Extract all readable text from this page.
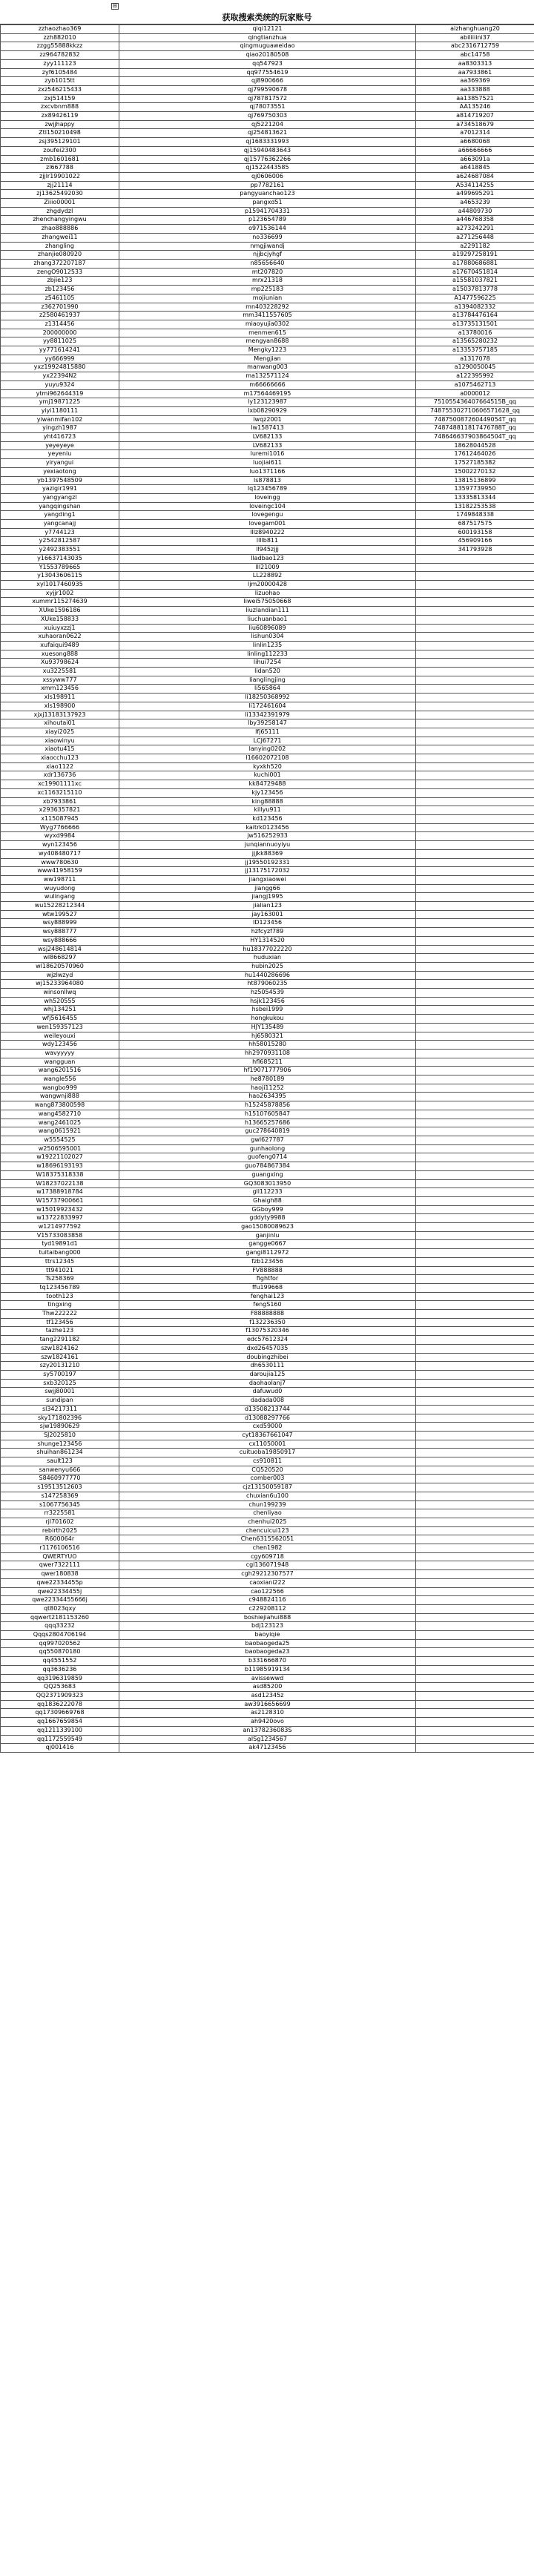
⊟
获取搜索类统的玩家账号
zzhaozhao369	qiqi12121	aizhanghuang20
zzh882010	qingtianzhua	abiliiiini37
zzgg55888kkzz	qingmuguaweidao	abc2316712759
zz964782832	qiao20180508	abc14758
zyy111123	qq547923	aa8303313
zyf6105484	qq977554619	aa7933861
zyb1015tt	qj8900666	aa369369
zxz546215433	qj799590678	aa333888
zxj514159	qj787817572	aa13857521
zxcvbnm888	qj78073551	AA135246
zx89426119	qj769750303	a814719207
zwjjhappy	qj5221204	a734518679
Ztl150210498	qj254813621	a7012314
zsj395129101	qj1683331993	a6680068
zoufei2300	qj15940483643	a66666666
zmb1601681	qj15776362266	a663091a
zl667788	qj1522443585	a6418845
zjjlr19901022	qj0606006	a624687084
zjj21114	pp7782161	A534114255
zj13625492030	pangyuanchao123	a499695291
Ziiio00001	pangxd51	a4653239
zhgdydzl	p15941704331	a44809730
zhenchangyingwu	p123654789	a446768358
zhao888886	o971536144	a273242291
zhangwei11	no336699	a271256448
zhangling	nmgjiwandj	a2291182
zhanjie080920	njjbcjyhgf	a19297258191
zhang372207187	n85656640	a17880686881
zengO9012533	mt207820	a17670451814
zbjie123	mrx21318	a15581037821
zb123456	mp225183	a15037813778
z5461105	mojiunian	A1477596225
z362701990	mn403228292	a1394082332
z2580461937	mm3411557605	a13784476164
z1314456	miaoyujia0302	a13735131501
200000000	menmen615	a13780016
yy8811025	mengyan8688	a13565280232
yy771614241	Mengky1223	a13353757185
yy666999	Mengjian	a1317078
yxz19924815880	manwang003	a1290050045
yx22394N2	ma132571124	a122395992
yuyu9324	m66666666	a1075462713
ytmi962644319	m17564469195	a0000012
ymj19871225	ly123123987	751055436407664515B_qq
yiyi1180111	lxb08290929	748755302710606571628_qq
yiwanmifan102	lwqz2001	748750087260449054T_qq
yingzh1987	lw1587413	748748811817476788T_qq
yht416723	LV682133	748646637903864504T_qq
yeyeyeye	LV682133	18628044528
yeyeniu	luremi1016	17612464026
yiryangui	luojiai611	17527185382
yexiaotong	luo1371166	15002270132
yb1397548509	ls878813	13815136899
yazigir1991	lq123456789	13597739950
yangyangzl	loveingg	13335813344
yangqingshan	loveingc104	13182253538
yangding1	lovegengu	1749848338
yangcanajj	lovegam001	687517575
y7744123	lllz8940222	600193158
y2542812587	llllb811	456909166
y2492383551	ll945zjjj	341793928
y16637143035	lladbao123	
Y1553789665	lll21009	
y13043606115	LL228892	
xyl1017460935	ljm20000428	
xyjjr1002	lizuohao	
xummr115274639	liwei575050668	
XUke1596186	liuzlandian111	
XUke158833	liuchuanbao1	
xuiuyxzzj1	liu60896089	
xuhaoran0622	lishun0304	
xufaiqui9489	linlin1235	
xuesong888	linling112233	
Xu93798624	lihui7254	
xu3225581	lidan520	
xssyww777	lianglingjing	
xmm123456	li565864	
xls198911	li18250368992	
xls198900	li172461604	
xjxj13183137923	li13342391979	
xihoutai01	lby39258147	
xiayi2025	lfj65111	
xiaowinyu	LCJ67271	
xiaotu415	lanying0202	
xiaocchu123	l16602072108	
xiao1122	kyxkh520	
xdr136736	kuchi001	
xc19901111xc	kk84729488	
xc1163215110	kjy123456	
xb7933861	king88888	
x2936357821	killyu911	
x115087945	kd123456	
Wyg7766666	kaitrk0123456	
wyxd9984	jw516252933	
wyn123456	junqiannuoyiyu	
wy408480717	jjjkk88369	
www780630	jj19550192331	
www41958159	jj13175172032	
ww198711	jiangxiaowei	
wuyudong	jiangg66	
wulingang	jiangj1995	
wu15228212344	jialian123	
wtw199527	jay163001	
wsy888999	ID123456	
wsy888777	hzfcyzf789	
wsy888666	HY1314520	
wsj248614814	hu18377022220	
wl8668297	huduxian	
wl18620570960	hubin2025	
wjzlwzyd	hu1440286696	
wj15233964080	ht879060235	
winsonllwq	hz5054539	
wh520555	hsjk123456	
whj134251	hsbei1999	
wfj5616455	hongkukou	
wen159357123	HJY135489	
weileyouxi	hj6580321	
wdy123456	hh58015280	
wavyyyyy	hh2970931108	
wangguan	hfl685211	
wang6201516	hf19071777906	
wangle556	he8780189	
wangbo999	haoji11252	
wangwnji888	hao2634395	
wang873800598	h15245878856	
wang4582710	h15107605847	
wang2461025	h13665257686	
wang0615921	guc278640819	
w5554525	gwl627787	
w2506595001	gunhaolong	
w19221102027	guofeng0714	
w18696193193	guo784867384	
W18375318338	guangxing	
W18237022138	GQ3083013950	
w17388918784	gll112233	
W15737900661	Ghaigh88	
w15019923432	GGboy999	
w13722833997	gddyty9988	
w1214977592	gao15080089623	
V15733083858	ganjinlu	
tyd19891d1	gangge0667	
tuitaibang000	gangi8112972	
ttrs12345	fzb123456	
tt941021	FV888888	
Ts258369	fightfor	
tq123456789	ffu199668	
tooth123	fenghai123	
tingxing	fengS160	
Thw222222	F88888888	
tf123456	f132236350	
tazhe123	f13075320346	
tang2291182	edc57612324	
szw1824162	dxd26457035	
szw1824161	doubingzhibei	
szy20131210	dh6530111	
sy5700197	daroujia125	
sxb320125	daohaolanj7	
swjj80001	dafuwud0	
sundipan	dadada008	
sl34217311	d13508213744	
sky171802396	d13088297766	
sjw19890629	cxd59000	
SJ2025810	cyt18367661047	
shunge123456	cx11050001	
shuihan861234	cuituoba19850917	
sault123	cs910811	
sanwenyu666	CQ520520	
S8460977770	comber003	
s19513512603	cjz13150059187	
s147258369	chuxian6u100	
s1067756345	chun199239	
rr3225581	chenliyao	
rjl701602	chenhui2025	
rebirth2025	chencuicui123	
R600064r	Chen6315562051	
r1176106516	chen1982	
QWERTYUO	cgy609718	
qwer7322111	cgl136071948	
qwer180838	cgh29212307577	
qwe22334455p	caoxiani222	
qwe22334455j	cao122566	
qwe22334455666j	c948824116	
qt8023qxy	c229208112	
qqwert2181153260	boshiejiahui888	
qqq33232	bdj123123	
Qqqs2804706194	baoyiqie	
qq997020562	baobaogeda25	
qq550870180	baobaogeda23	
qq4551552	b331666870	
qq3636236	b11985919134	
qq3196319859	avissewwd	
QQ253683	asd85200	
QQ2371909323	asd12345z	
qq1836222078	aw3916656699	
qq17309669768	as2128310	
qq1667659854	ah9420ovo	
qq1211339100	an1378236083S	
qq1172559549	alSg1234567	
qj001416	ak47123456	
